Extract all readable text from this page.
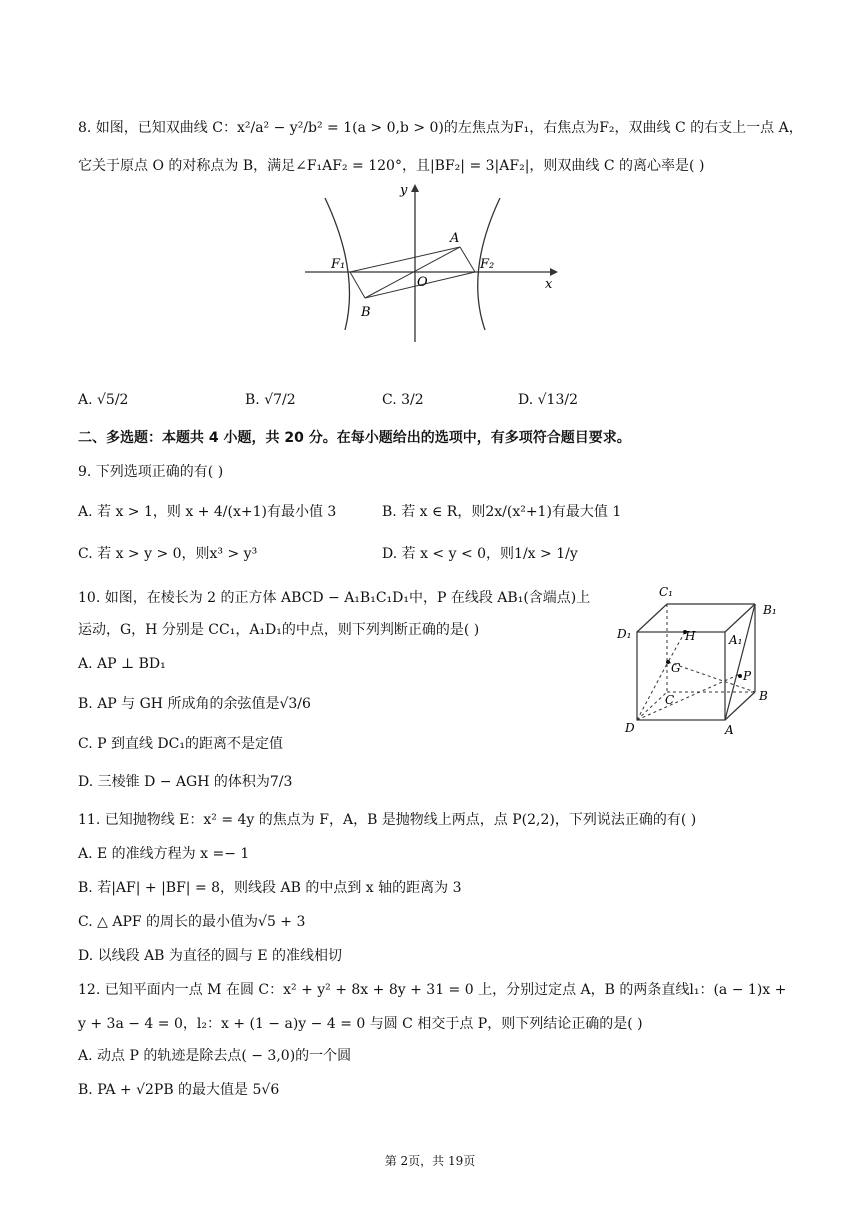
8. 如图，已知双曲线 C：x²/a² − y²/b² = 1(a > 0,b > 0)的左焦点为F₁，右焦点为F₂，双曲线 C 的右支上一点 A，
它关于原点 O 的对称点为 B，满足∠F₁AF₂ = 120°，且|BF₂| = 3|AF₂|，则双曲线 C 的离心率是( )
y
x
A
B
O
F₁	F₂
A. √5/2	B. √7/2	C. 3/2	D. √13/2
二、多选题：本题共 4 小题，共 20 分。在每小题给出的选项中，有多项符合题目要求。
9. 下列选项正确的有( )
A. 若 x > 1，则 x + 4/(x+1)有最小值 3	B. 若 x ∈ R，则2x/(x²+1)有最大值 1
C. 若 x > y > 0，则x³ > y³	D. 若 x < y < 0，则1/x > 1/y
10. 如图，在棱长为 2 的正方体 ABCD − A₁B₁C₁D₁中，P 在线段 AB₁(含端点)上
运动，G，H 分别是 CC₁，A₁D₁的中点，则下列判断正确的是( )
A. AP ⊥ BD₁
B. AP 与 GH 所成角的余弦值是√3/6
C. P 到直线 DC₁的距离不是定值
D. 三棱锥 D − AGH 的体积为7/3
C₁
B₁
D₁	A₁
H
G
P
C	B
D	A
11. 已知抛物线 E：x² = 4y 的焦点为 F，A，B 是抛物线上两点，点 P(2,2)，下列说法正确的有( )
A. E 的准线方程为 x =− 1
B. 若|AF| + |BF| = 8，则线段 AB 的中点到 x 轴的距离为 3
C. △ APF 的周长的最小值为√5 + 3
D. 以线段 AB 为直径的圆与 E 的准线相切
12. 已知平面内一点 M 在圆 C：x² + y² + 8x + 8y + 31 = 0 上，分别过定点 A，B 的两条直线l₁：(a − 1)x +
y + 3a − 4 = 0，l₂：x + (1 − a)y − 4 = 0 与圆 C 相交于点 P，则下列结论正确的是( )
A. 动点 P 的轨迹是除去点( − 3,0)的一个圆
B. PA + √2PB 的最大值是 5√6
第 2页，共 19页
